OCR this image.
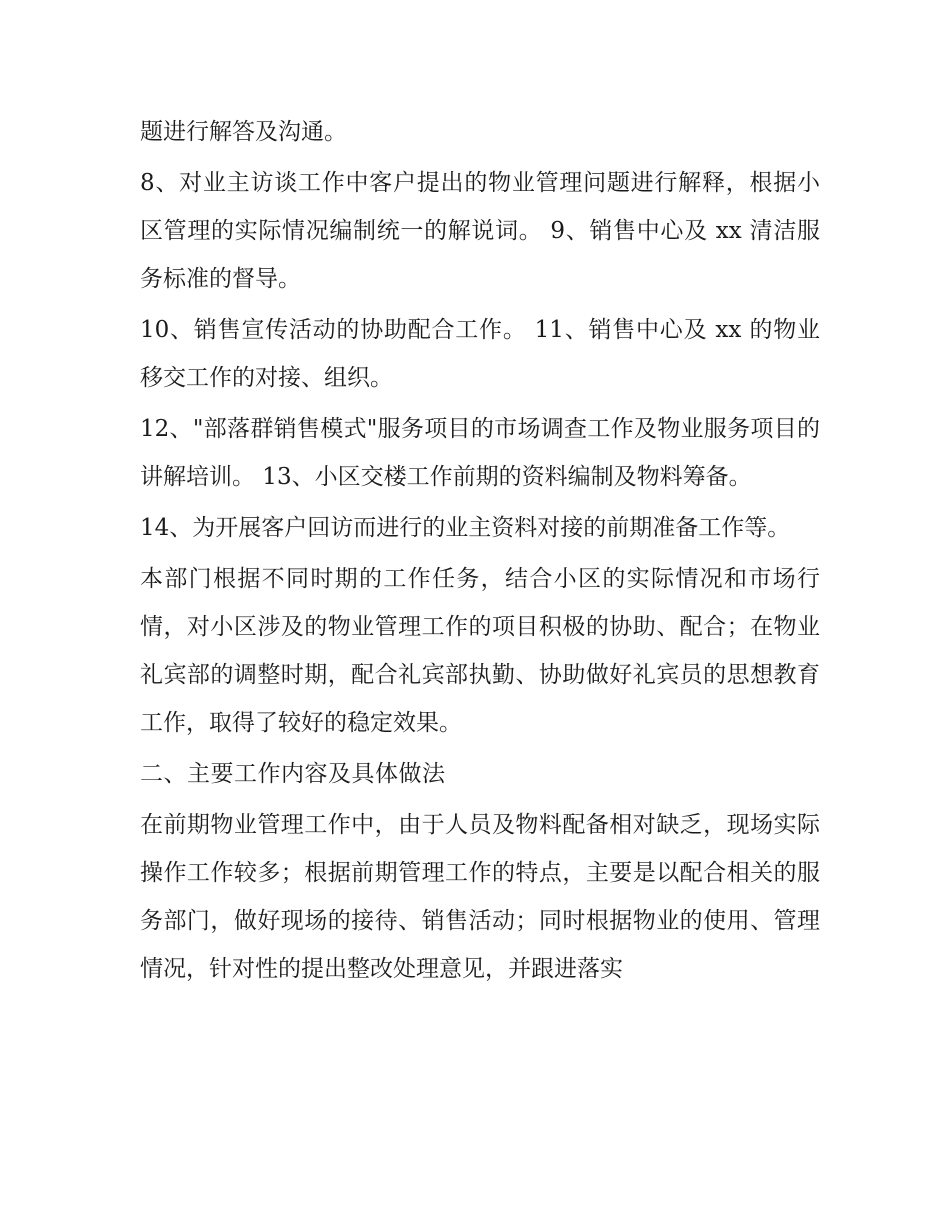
题进行解答及沟通。

8、对业主访谈工作中客户提出的物业管理问题进行解释，根据小区管理的实际情况编制统一的解说词。 9、销售中心及 xx 清洁服务标准的督导。

10、销售宣传活动的协助配合工作。 11、销售中心及 xx 的物业移交工作的对接、组织。

12、"部落群销售模式"服务项目的市场调查工作及物业服务项目的讲解培训。 13、小区交楼工作前期的资料编制及物料筹备。

14、为开展客户回访而进行的业主资料对接的前期准备工作等。

本部门根据不同时期的工作任务，结合小区的实际情况和市场行情，对小区涉及的物业管理工作的项目积极的协助、配合；在物业礼宾部的调整时期，配合礼宾部执勤、协助做好礼宾员的思想教育工作，取得了较好的稳定效果。

二、主要工作内容及具体做法

在前期物业管理工作中，由于人员及物料配备相对缺乏，现场实际操作工作较多；根据前期管理工作的特点，主要是以配合相关的服务部门，做好现场的接待、销售活动；同时根据物业的使用、管理情况，针对性的提出整改处理意见，并跟进落实
